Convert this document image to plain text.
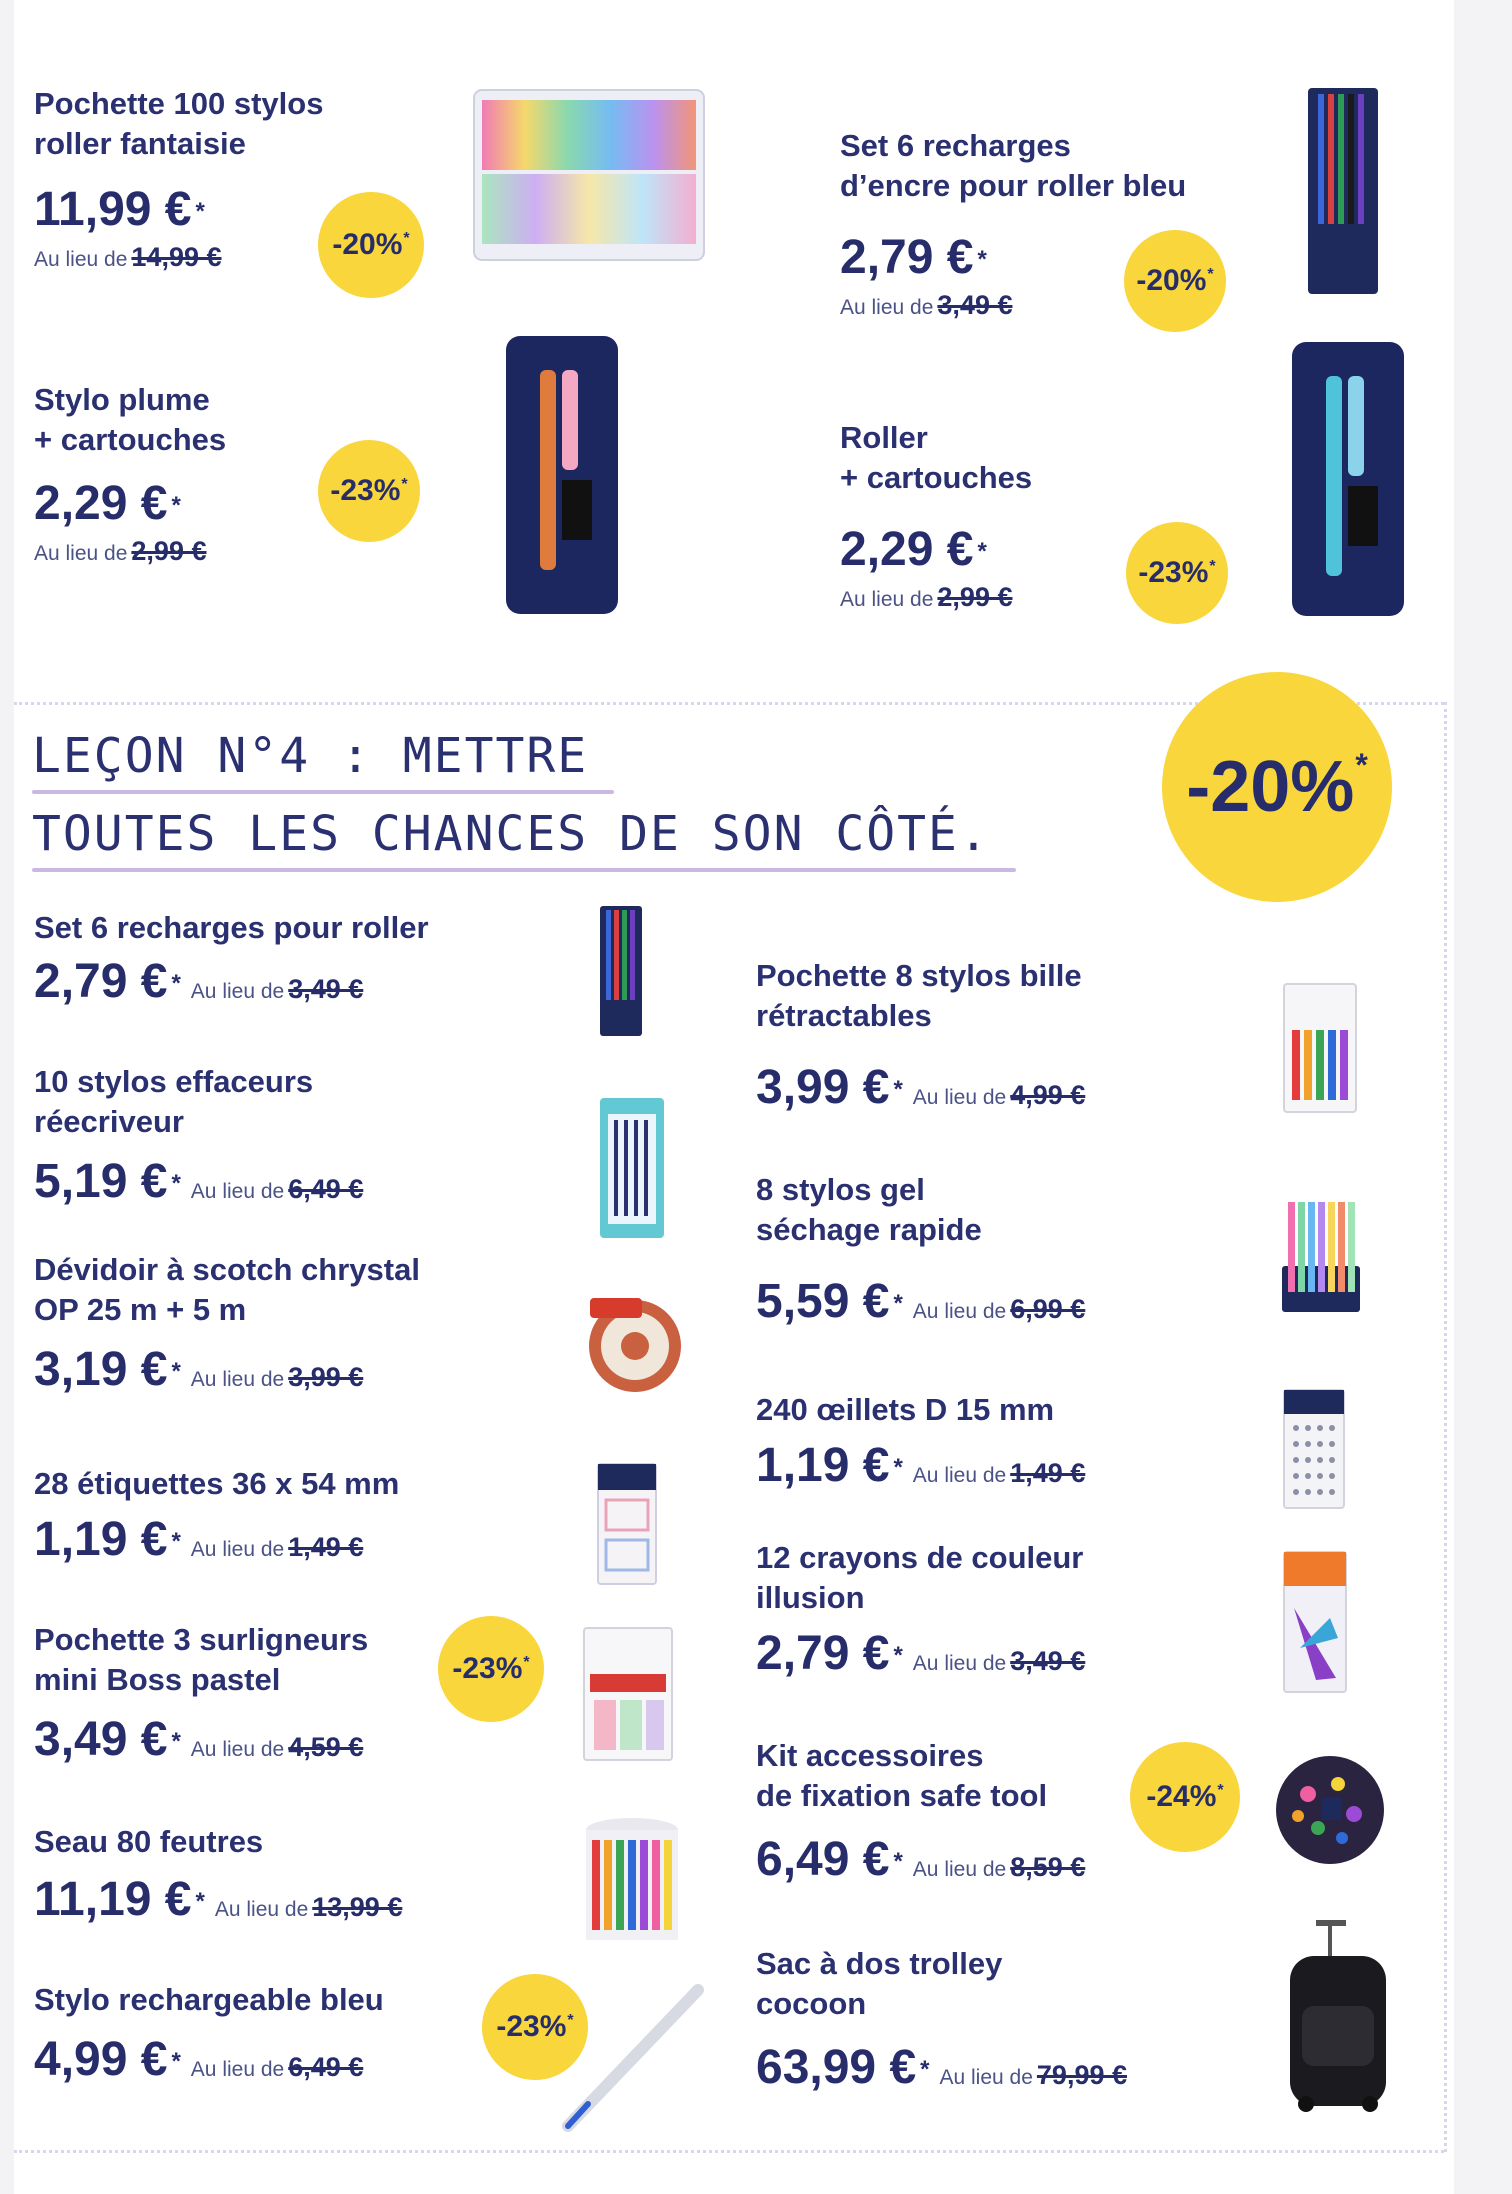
Pochette 100 stylos
roller fantaisie
11,99 € *
Au lieu de 14,99 €	-20%*
Set 6 recharges
d’encre pour roller bleu
2,79 € *
Au lieu de 3,49 €
-20%*
Stylo plume
+ cartouches
2,29 € *
Au lieu de 2,99 €
-23%*
Roller
+ cartouches
2,29 € *
Au lieu de 2,99 €
-23%*
LEÇON N°4 : METTRE
TOUTES LES CHANCES DE SON CÔTÉ.
-20%*
Set 6 recharges pour roller
2,79 € * Au lieu de 3,49 €
10 stylos effaceurs
réecriveur
5,19 € * Au lieu de 6,49 €
Dévidoir à scotch chrystal
OP 25 m + 5 m
3,19 € * Au lieu de 3,99 €
28 étiquettes 36 x 54 mm
1,19 € * Au lieu de 1,49 €
Pochette 3 surligneurs
mini Boss pastel
3,49 € * Au lieu de 4,59 €
-23%*
Seau 80 feutres
11,19 € * Au lieu de 13,99 €
Stylo rechargeable bleu
4,99 € * Au lieu de 6,49 €
-23%*
Pochette 8 stylos bille
rétractables
3,99 € * Au lieu de 4,99 €
8 stylos gel
séchage rapide
5,59 € * Au lieu de 6,99 €
240 œillets D 15 mm
1,19 € * Au lieu de 1,49 €
12 crayons de couleur
illusion
2,79 € * Au lieu de 3,49 €
Kit accessoires
de fixation safe tool
6,49 € * Au lieu de 8,59 €
-24%*
Sac à dos trolley
cocoon
63,99 € * Au lieu de 79,99 €
